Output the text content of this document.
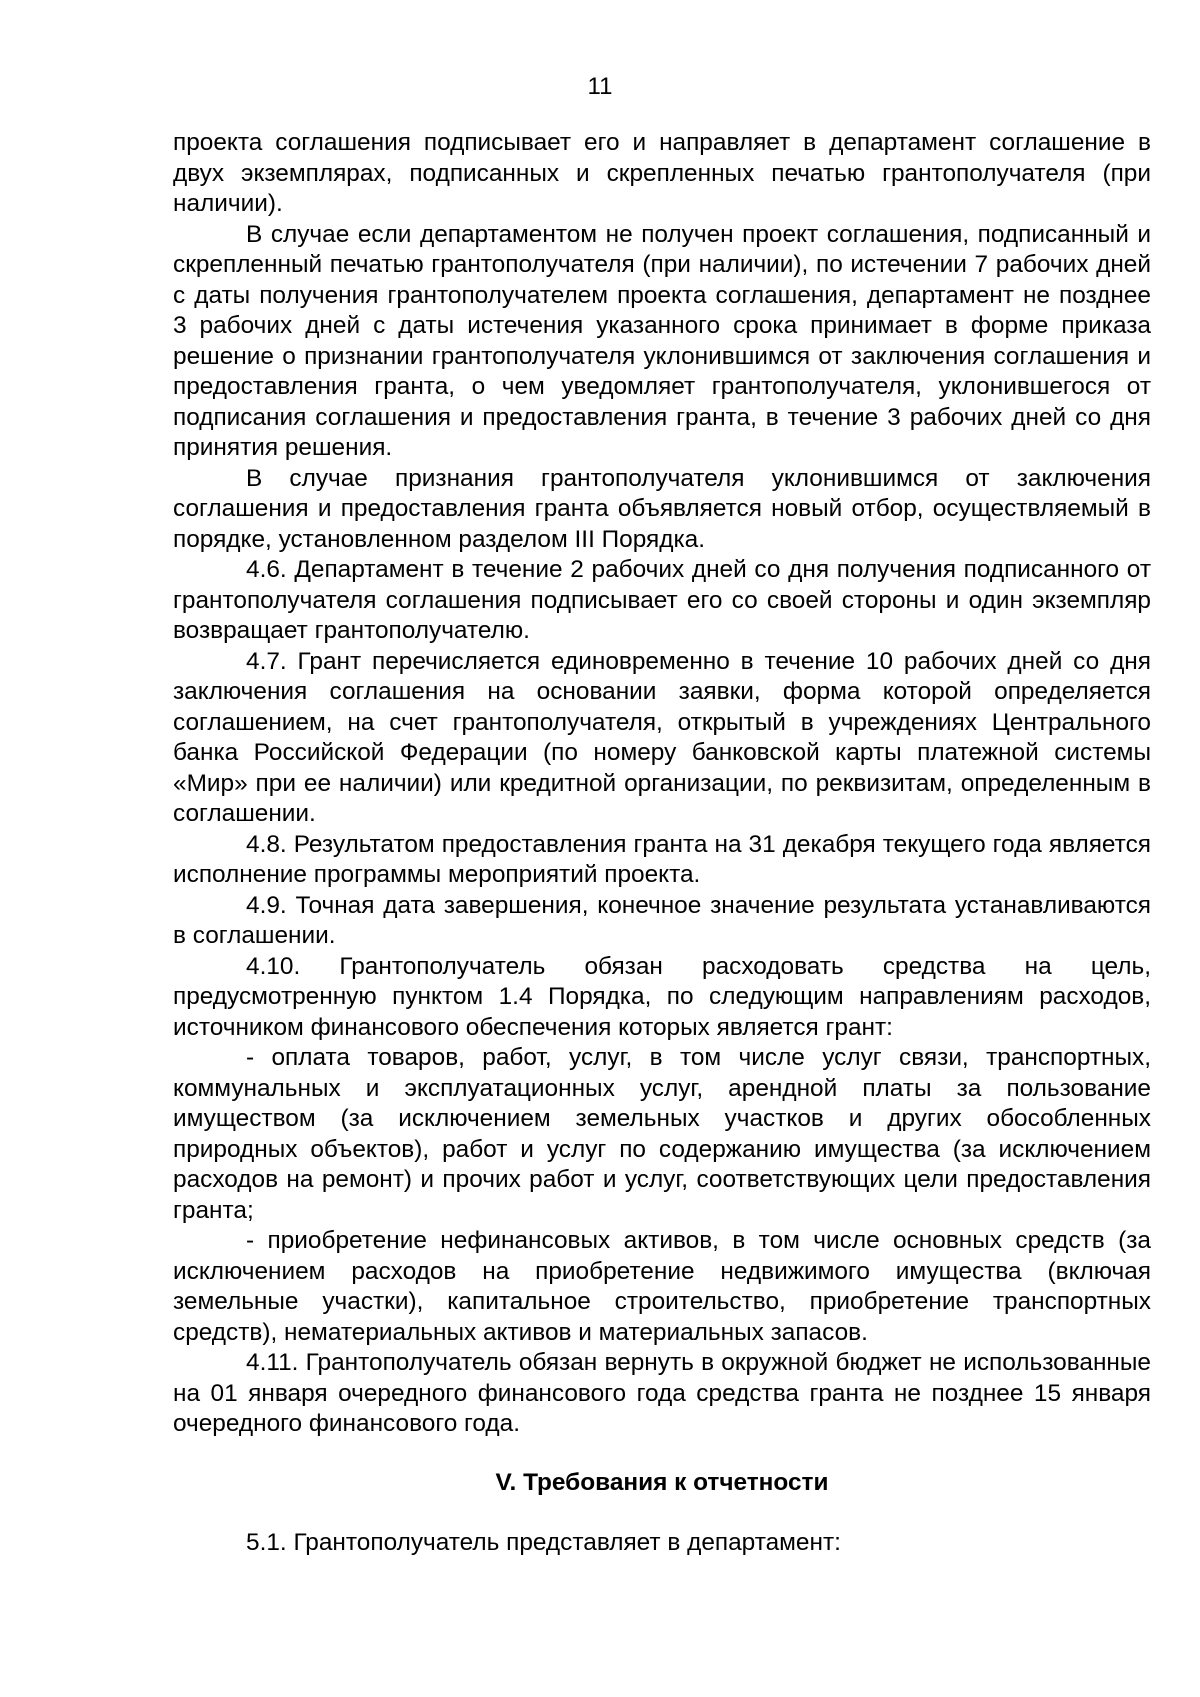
11

проекта соглашения подписывает его и направляет в департамент соглашение в двух экземплярах, подписанных и скрепленных печатью грантополучателя (при наличии).

В случае если департаментом не получен проект соглашения, подписанный и скрепленный печатью грантополучателя (при наличии), по истечении 7 рабочих дней с даты получения грантополучателем проекта соглашения, департамент не позднее 3 рабочих дней с даты истечения указанного срока принимает в форме приказа решение о признании грантополучателя уклонившимся от заключения соглашения и предоставления гранта, о чем уведомляет грантополучателя, уклонившегося от подписания соглашения и предоставления гранта, в течение 3 рабочих дней со дня принятия решения.

В случае признания грантополучателя уклонившимся от заключения соглашения и предоставления гранта объявляется новый отбор, осуществляемый в порядке, установленном разделом III Порядка.

4.6. Департамент в течение 2 рабочих дней со дня получения подписанного от грантополучателя соглашения подписывает его со своей стороны и один экземпляр возвращает грантополучателю.

4.7. Грант перечисляется единовременно в течение 10 рабочих дней со дня заключения соглашения на основании заявки, форма которой определяется соглашением, на счет грантополучателя, открытый в учреждениях Центрального банка Российской Федерации (по номеру банковской карты платежной системы «Мир» при ее наличии) или кредитной организации, по реквизитам, определенным в соглашении.

4.8. Результатом предоставления гранта на 31 декабря текущего года является исполнение программы мероприятий проекта.

4.9. Точная дата завершения, конечное значение результата устанавливаются в соглашении.

4.10. Грантополучатель обязан расходовать средства на цель, предусмотренную пунктом 1.4 Порядка, по следующим направлениям расходов, источником финансового обеспечения которых является грант:

- оплата товаров, работ, услуг, в том числе услуг связи, транспортных, коммунальных и эксплуатационных услуг, арендной платы за пользование имуществом (за исключением земельных участков и других обособленных природных объектов), работ и услуг по содержанию имущества (за исключением расходов на ремонт) и прочих работ и услуг, соответствующих цели предоставления гранта;

- приобретение нефинансовых активов, в том числе основных средств (за исключением расходов на приобретение недвижимого имущества (включая земельные участки), капитальное строительство, приобретение транспортных средств), нематериальных активов и материальных запасов.

4.11. Грантополучатель обязан вернуть в окружной бюджет не использованные на 01 января очередного финансового года средства гранта не позднее 15 января очередного финансового года.

V. Требования к отчетности

5.1. Грантополучатель представляет в департамент:
